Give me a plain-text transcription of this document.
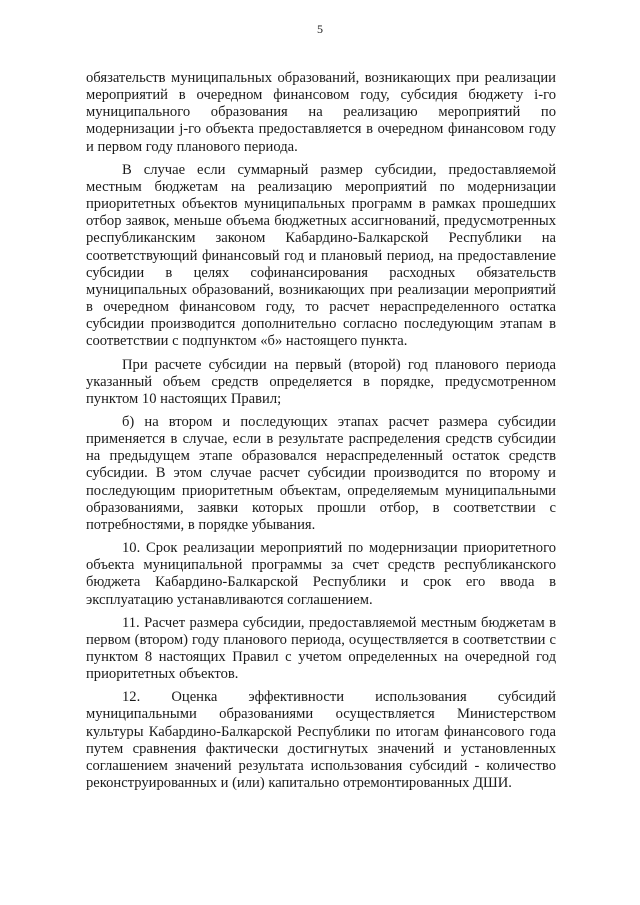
5

обязательств муниципальных образований, возникающих при реализации мероприятий в очередном финансовом году, субсидия бюджету i-го муниципального образования на реализацию мероприятий по модернизации j-го объекта предоставляется в очередном финансовом году и первом году планового периода.

В случае если суммарный размер субсидии, предоставляемой местным бюджетам на реализацию мероприятий по модернизации приоритетных объектов муниципальных программ в рамках прошедших отбор заявок, меньше объема бюджетных ассигнований, предусмотренных республиканским законом Кабардино-Балкарской Республики на соответствующий финансовый год и плановый период, на предоставление субсидии в целях софинансирования расходных обязательств муниципальных образований, возникающих при реализации мероприятий в очередном финансовом году, то расчет нераспределенного остатка субсидии производится дополнительно согласно последующим этапам в соответствии с подпунктом «б» настоящего пункта.

При расчете субсидии на первый (второй) год планового периода указанный объем средств определяется в порядке, предусмотренном пунктом 10 настоящих Правил;

б) на втором и последующих этапах расчет размера субсидии применяется в случае, если в результате распределения средств субсидии на предыдущем этапе образовался нераспределенный остаток средств субсидии. В этом случае расчет субсидии производится по второму и последующим приоритетным объектам, определяемым муниципальными образованиями, заявки которых прошли отбор, в соответствии с потребностями, в порядке убывания.

10. Срок реализации мероприятий по модернизации приоритетного объекта муниципальной программы за счет средств республиканского бюджета Кабардино-Балкарской Республики и срок его ввода в эксплуатацию устанавливаются соглашением.

11. Расчет размера субсидии, предоставляемой местным бюджетам в первом (втором) году планового периода, осуществляется в соответствии с пунктом 8 настоящих Правил с учетом определенных на очередной год приоритетных объектов.

12. Оценка эффективности использования субсидий муниципальными образованиями осуществляется Министерством культуры Кабардино-Балкарской Республики по итогам финансового года путем сравнения фактически достигнутых значений и установленных соглашением значений результата использования субсидий - количество реконструированных и (или) капитально отремонтированных ДШИ.
